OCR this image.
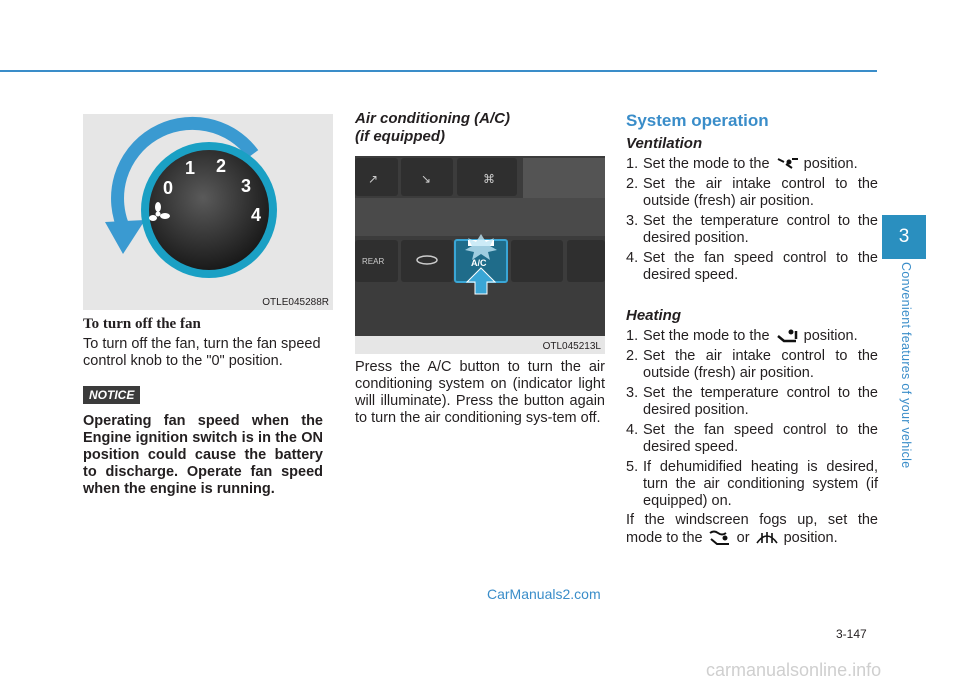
0
1 2
3
4
OTLE045288R

To turn off the fan

To turn off the fan, turn the fan speed control knob to the "0" position.

NOTICE

Operating fan speed when the Engine ignition switch is in the ON position could cause the battery to discharge. Operate fan speed when the engine is running.

Air conditioning (A/C)
(if equipped)

↗	↘	⌘
REAR	A/C
OTL045213L

Press the A/C button to turn the air conditioning system on (indicator light will illuminate). Press the button again to turn the air conditioning sys-tem off.

System operation

Ventilation

1. Set the mode to the position.
2. Set the air intake control to the outside (fresh) air position.
3. Set the temperature control to the desired position.
4. Set the fan speed control to the desired speed.

Heating

1. Set the mode to the position.
2. Set the air intake control to the outside (fresh) air position.
3. Set the temperature control to the desired position.
4. Set the fan speed control to the desired speed.
5. If dehumidified heating is desired, turn the air conditioning system (if equipped) on.

If the windscreen fogs up, set the mode to the or position.

3
Convenient features of your vehicle
3-147
CarManuals2.com
carmanualsonline.info
